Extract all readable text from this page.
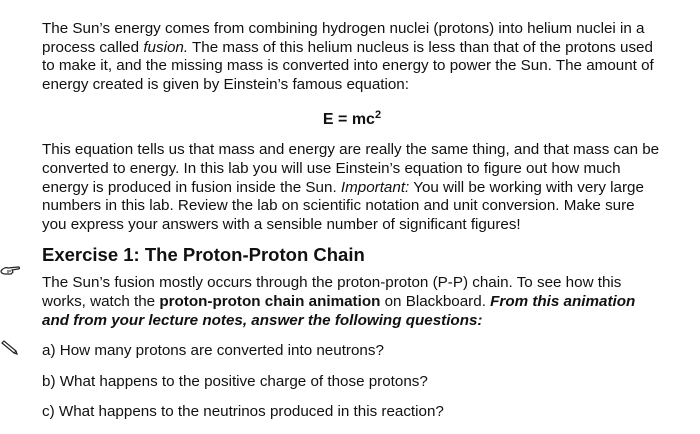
The Sun’s energy comes from combining hydrogen nuclei (protons) into helium nuclei in a process called fusion. The mass of this helium nucleus is less than that of the protons used to make it, and the missing mass is converted into energy to power the Sun. The amount of energy created is given by Einstein’s famous equation:

$E = mc^2$

This equation tells us that mass and energy are really the same thing, and that mass can be converted to energy. In this lab you will use Einstein’s equation to figure out how much energy is produced in fusion inside the Sun. Important: You will be working with very large numbers in this lab. Review the lab on scientific notation and unit conversion. Make sure you express your answers with a sensible number of significant figures!

Exercise 1: The Proton-Proton Chain

The Sun’s fusion mostly occurs through the proton-proton (P-P) chain. To see how this works, watch the proton-proton chain animation on Blackboard. From this animation and from your lecture notes, answer the following questions:

a) How many protons are converted into neutrons?

b) What happens to the positive charge of those protons?

c) What happens to the neutrinos produced in this reaction?
